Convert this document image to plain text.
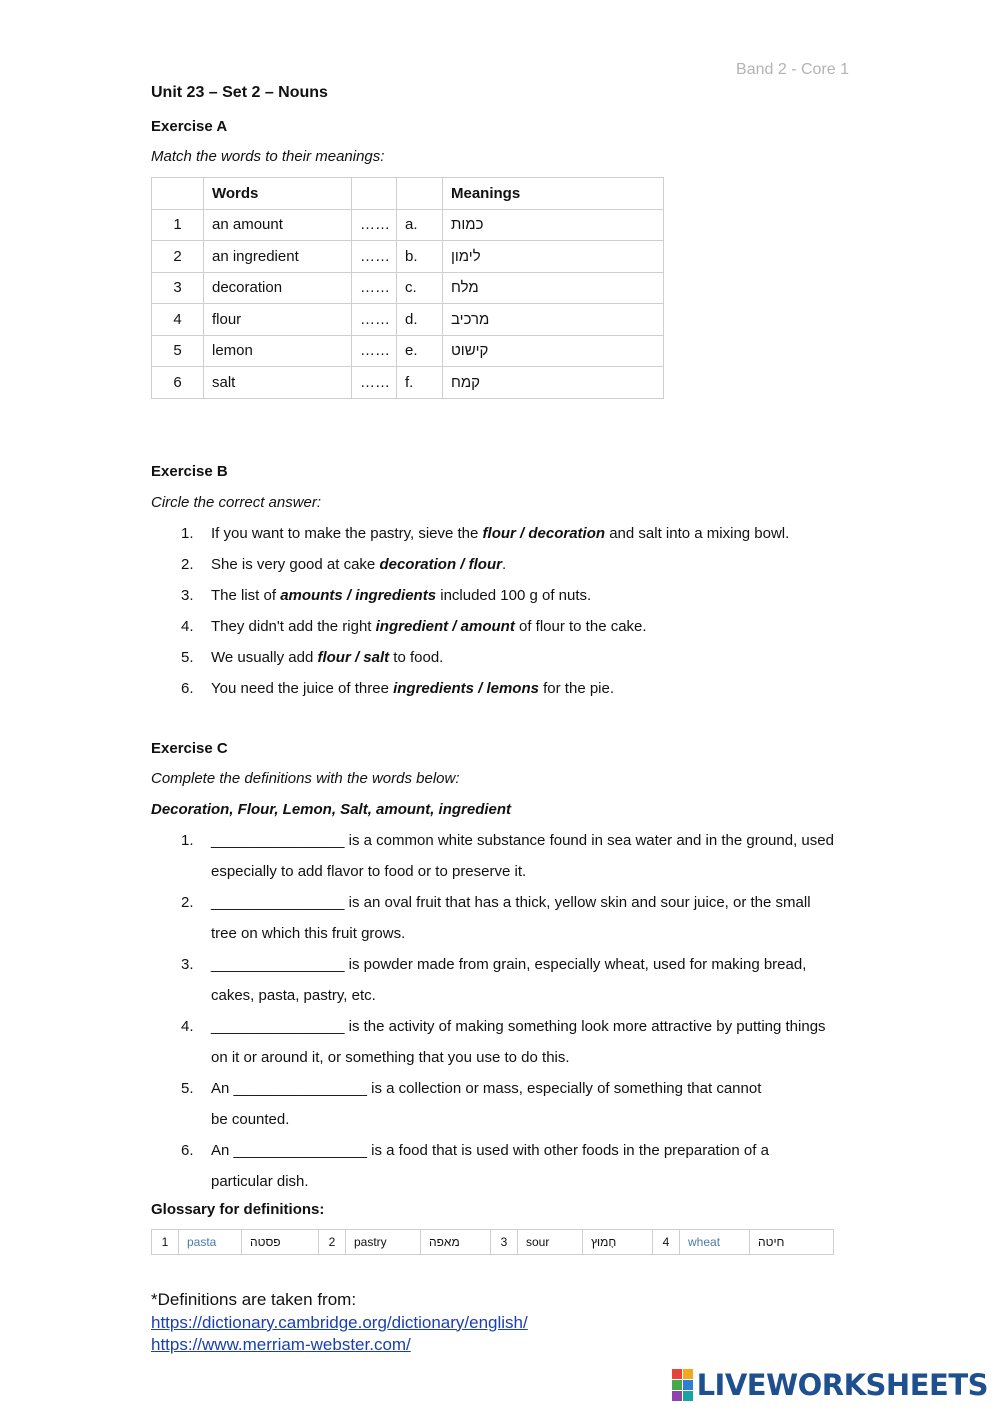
Band 2 - Core 1
Unit 23 – Set 2 – Nouns
Exercise A
Match the words to their meanings:
	Words			Meanings
1	an amount	……	a.	כמות
2	an ingredient	……	b.	לימון
3	decoration	……	c.	מלח
4	flour	……	d.	מרכיב
5	lemon	……	e.	קישוט
6	salt	……	f.	קמח
Exercise B
Circle the correct answer:
1. If you want to make the pastry, sieve the flour / decoration and salt into a mixing bowl.
2. She is very good at cake decoration / flour.
3. The list of amounts / ingredients included 100 g of nuts.
4. They didn't add the right ingredient / amount of flour to the cake.
5. We usually add flour / salt to food.
6. You need the juice of three ingredients / lemons for the pie.
Exercise C
Complete the definitions with the words below:
Decoration, Flour, Lemon, Salt, amount, ingredient
1. ________________ is a common white substance found in sea water and in the ground, used
especially to add flavor to food or to preserve it.
2. ________________ is an oval fruit that has a thick, yellow skin and sour juice, or the small
tree on which this fruit grows.
3. ________________ is powder made from grain, especially wheat, used for making bread,
cakes, pasta, pastry, etc.
4. ________________ is the activity of making something look more attractive by putting things
on it or around it, or something that you use to do this.
5. An ________________ is a collection or mass, especially of something that cannot
be counted.
6. An ________________ is a food that is used with other foods in the preparation of a
particular dish.
Glossary for definitions:
1	pasta	פסטה	2	pastry	מאפה	3	sour	חָמוּץ	4	wheat	חיטה
*Definitions are taken from:
https://dictionary.cambridge.org/dictionary/english/
https://www.merriam-webster.com/
LIVEWORKSHEETS
